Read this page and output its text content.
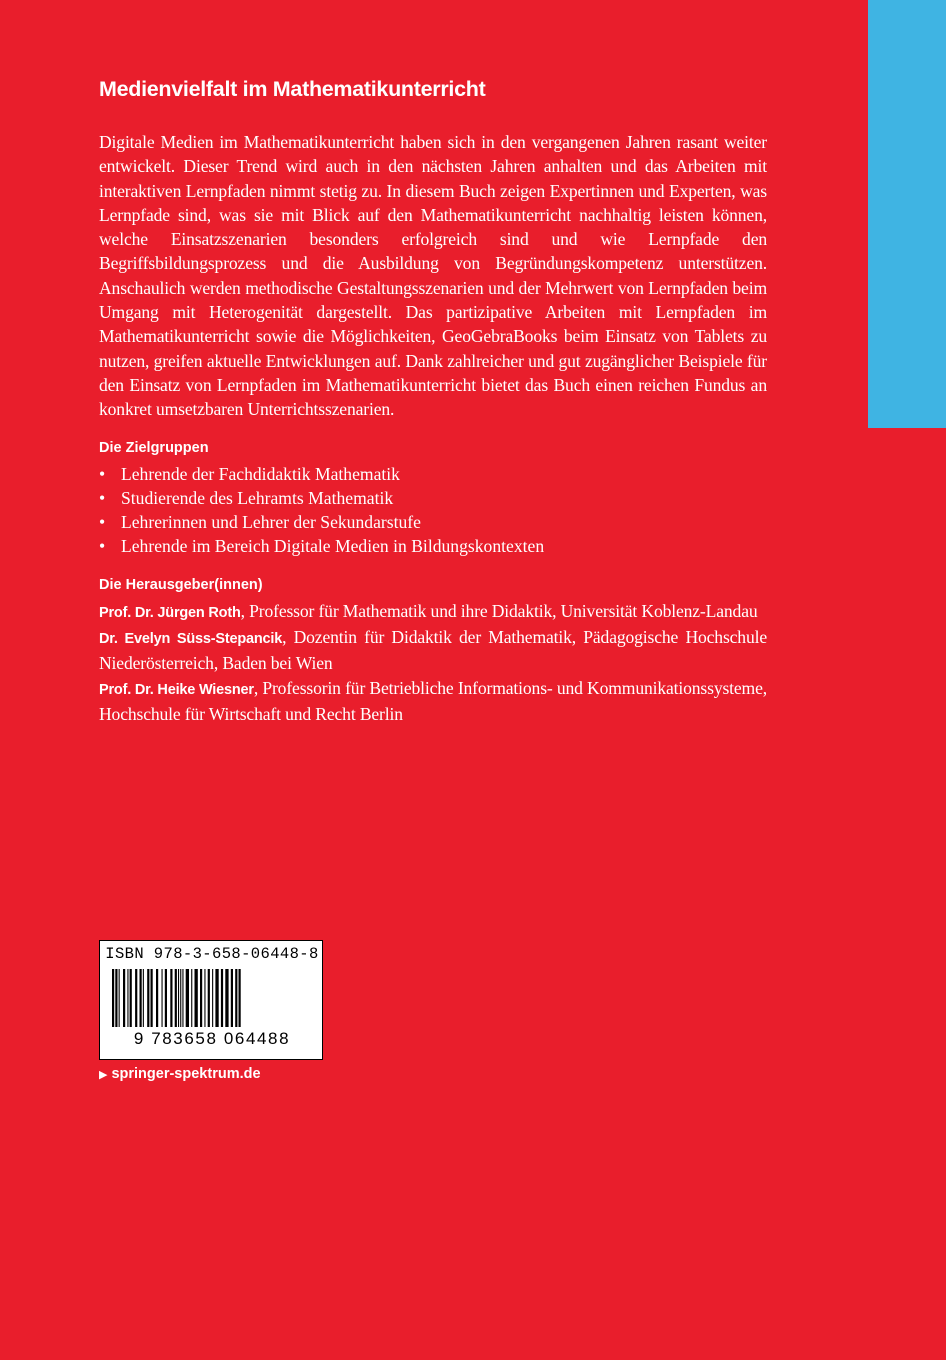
Medienvielfalt im Mathematikunterricht

Digitale Medien im Mathematikunterricht haben sich in den vergangenen Jahren rasant weiter entwickelt. Dieser Trend wird auch in den nächsten Jahren anhalten und das Arbeiten mit interaktiven Lernpfaden nimmt stetig zu. In diesem Buch zeigen Expertinnen und Experten, was Lernpfade sind, was sie mit Blick auf den Mathematikunterricht nachhaltig leisten können, welche Einsatzszenarien besonders erfolgreich sind und wie Lernpfade den Begriffsbildungsprozess und die Ausbildung von Begründungskompetenz unterstützen. Anschaulich werden methodische Gestaltungsszenarien und der Mehrwert von Lernpfaden beim Umgang mit Heterogenität dargestellt. Das partizipative Arbeiten mit Lernpfaden im Mathematikunterricht sowie die Möglichkeiten, GeoGebraBooks beim Einsatz von Tablets zu nutzen, greifen aktuelle Entwicklungen auf. Dank zahlreicher und gut zugänglicher Beispiele für den Einsatz von Lernpfaden im Mathematikunterricht bietet das Buch einen reichen Fundus an konkret umsetzbaren Unterrichtsszenarien.

Die Zielgruppen
• Lehrende der Fachdidaktik Mathematik
• Studierende des Lehramts Mathematik
• Lehrerinnen und Lehrer der Sekundarstufe
• Lehrende im Bereich Digitale Medien in Bildungskontexten
Die Herausgeber(innen)

Prof. Dr. Jürgen Roth, Professor für Mathematik und ihre Didaktik, Universität Koblenz-Landau

Dr. Evelyn Süss-Stepancik, Dozentin für Didaktik der Mathematik, Pädagogische Hochschule Niederösterreich, Baden bei Wien

Prof. Dr. Heike Wiesner, Professorin für Betriebliche Informations- und Kommunikationssysteme, Hochschule für Wirtschaft und Recht Berlin

ISBN 978-3-658-06448-8
9 783658 064488
▶ springer-spektrum.de
